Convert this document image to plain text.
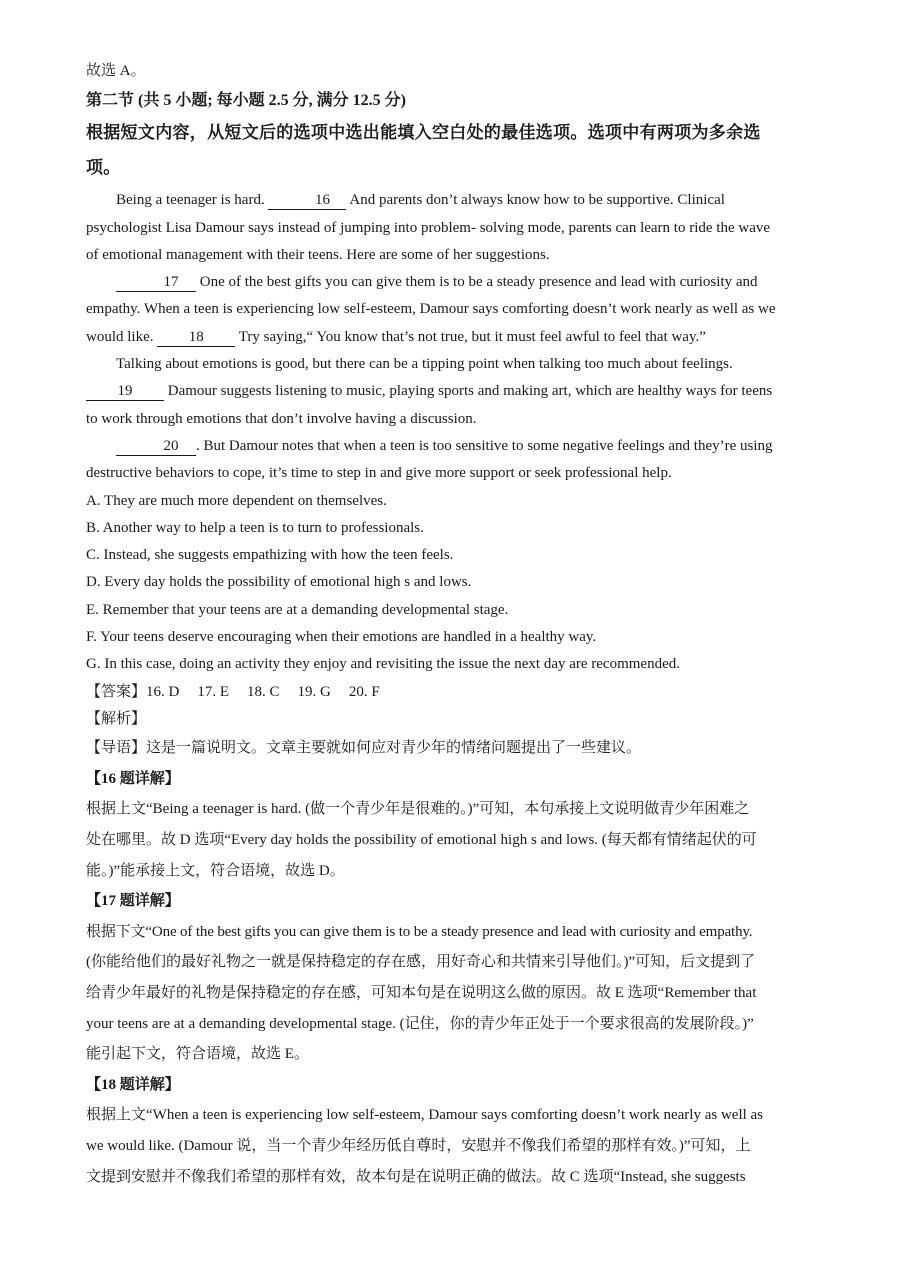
故选 A。
第二节 (共 5 小题; 每小题 2.5 分, 满分 12.5 分)
根据短文内容，从短文后的选项中选出能填入空白处的最佳选项。选项中有两项为多余选
项。
Being a teenager is hard.	16 And parents don’t always know how to be supportive. Clinical
psychologist Lisa Damour says instead of jumping into problem- solving mode, parents can learn to ride the wave
of emotional management with their teens. Here are some of her suggestions.
17 One of the best gifts you can give them is to be a steady presence and lead with curiosity and
empathy. When a teen is experiencing low self-esteem, Damour says comforting doesn’t work nearly as well as we
would like. 18 Try saying,“ You know that’s not true, but it must feel awful to feel that way.”
Talking about emotions is good, but there can be a tipping point when talking too much about feelings.
19 Damour suggests listening to music, playing sports and making art, which are healthy ways for teens
to work through emotions that don’t involve having a discussion.
20 . But Damour notes that when a teen is too sensitive to some negative feelings and they’re using
destructive behaviors to cope, it’s time to step in and give more support or seek professional help.
A. They are much more dependent on themselves.
B. Another way to help a teen is to turn to professionals.
C. Instead, she suggests empathizing with how the teen feels.
D. Every day holds the possibility of emotional high s and lows.
E. Remember that your teens are at a demanding developmental stage.
F. Your teens deserve encouraging when their emotions are handled in a healthy way.
G. In this case, doing an activity they enjoy and revisiting the issue the next day are recommended.
【答案】16. D 17. E 18. C 19. G 20. F
【解析】
【导语】这是一篇说明文。文章主要就如何应对青少年的情绪问题提出了一些建议。
【16 题详解】
根据上文“Being a teenager is hard. (做一个青少年是很难的。)”可知，本句承接上文说明做青少年困难之
处在哪里。故 D 选项“Every day holds the possibility of emotional high s and lows. (每天都有情绪起伏的可
能。)”能承接上文，符合语境，故选 D。
【17 题详解】
根据下文“One of the best gifts you can give them is to be a steady presence and lead with curiosity and empathy.
(你能给他们的最好礼物之一就是保持稳定的存在感，用好奇心和共情来引导他们。)”可知，后文提到了
给青少年最好的礼物是保持稳定的存在感，可知本句是在说明这么做的原因。故 E 选项“Remember that
your teens are at a demanding developmental stage. (记住，你的青少年正处于一个要求很高的发展阶段。)”
能引起下文，符合语境，故选 E。
【18 题详解】
根据上文“When a teen is experiencing low self-esteem, Damour says comforting doesn’t work nearly as well as
we would like. (Damour 说，当一个青少年经历低自尊时，安慰并不像我们希望的那样有效。)”可知，上
文提到安慰并不像我们希望的那样有效，故本句是在说明正确的做法。故 C 选项“Instead, she suggests
